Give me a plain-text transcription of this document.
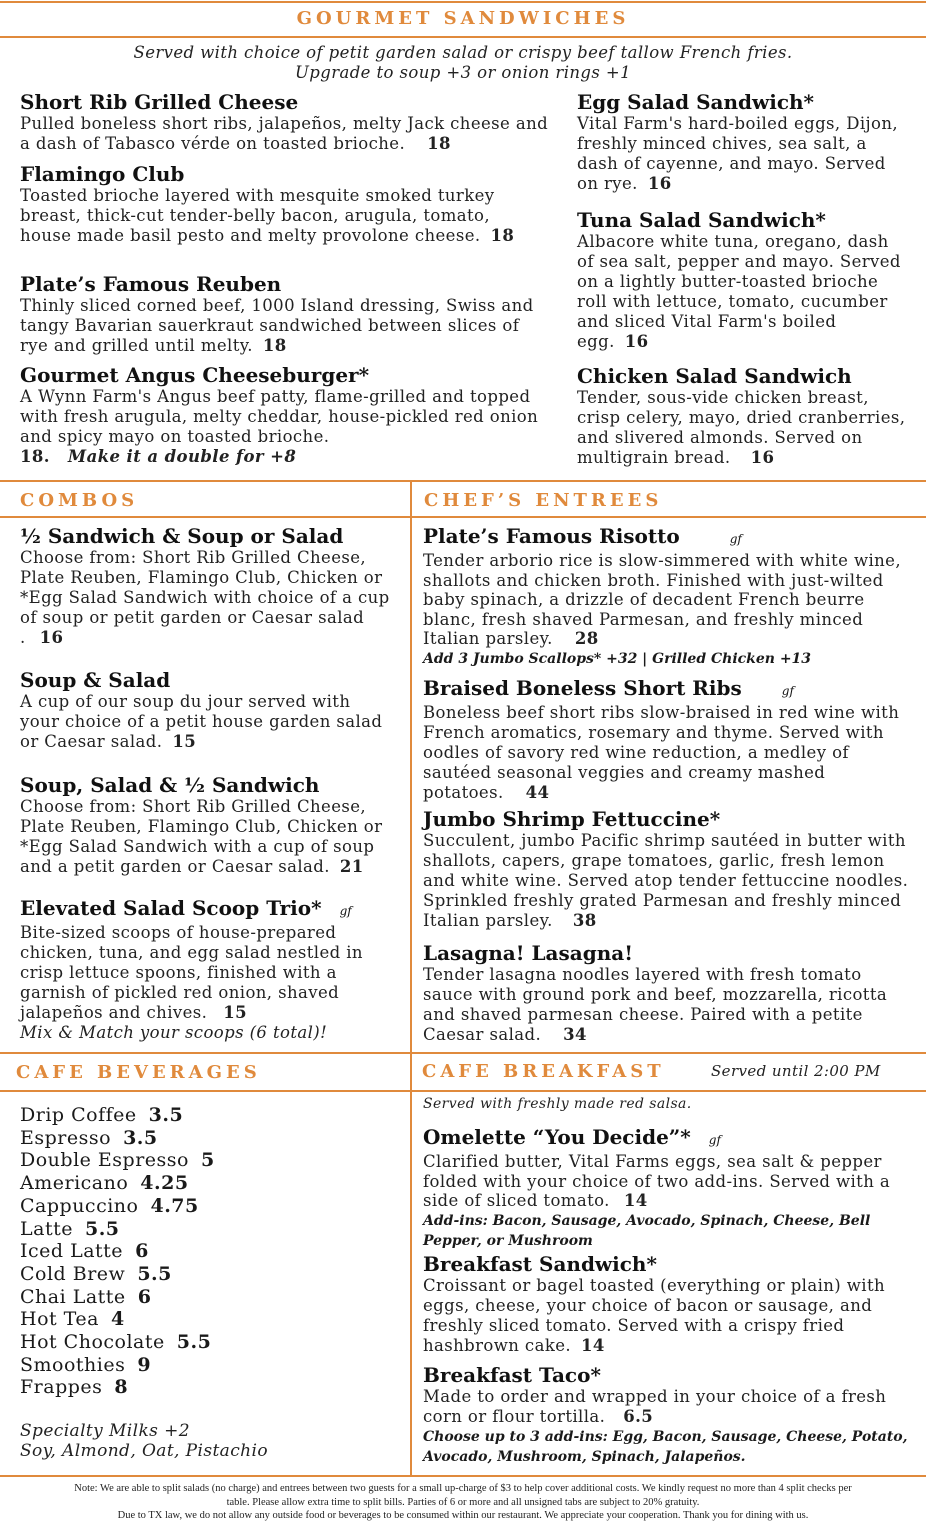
GOURMET SANDWICHES
Served with choice of petit garden salad or crispy beef tallow French fries.
Upgrade to soup +3 or onion rings +1
Short Rib Grilled Cheese
Pulled boneless short ribs, jalapeños, melty Jack cheese and a dash of Tabasco vérde on toasted brioche. 18
Flamingo Club
Toasted brioche layered with mesquite smoked turkey breast, thick-cut tender-belly bacon, arugula, tomato, house made basil pesto and melty provolone cheese. 18
Plate’s Famous Reuben
Thinly sliced corned beef, 1000 Island dressing, Swiss and tangy Bavarian sauerkraut sandwiched between slices of rye and grilled until melty. 18
Gourmet Angus Cheeseburger*
A Wynn Farm's Angus beef patty, flame-grilled and topped with fresh arugula, melty cheddar, house-pickled red onion and spicy mayo on toasted brioche.
18. Make it a double for +8
Egg Salad Sandwich*
Vital Farm's hard-boiled eggs, Dijon, freshly minced chives, sea salt, a dash of cayenne, and mayo. Served on rye. 16
Tuna Salad Sandwich*
Albacore white tuna, oregano, dash of sea salt, pepper and mayo. Served on a lightly butter-toasted brioche roll with lettuce, tomato, cucumber and sliced Vital Farm's boiled egg. 16
Chicken Salad Sandwich
Tender, sous-vide chicken breast, crisp celery, mayo, dried cranberries, and slivered almonds. Served on multigrain bread. 16
COMBOS
½ Sandwich & Soup or Salad
Choose from: Short Rib Grilled Cheese, Plate Reuben, Flamingo Club, Chicken or *Egg Salad Sandwich with choice of a cup of soup or petit garden or Caesar salad . 16
Soup & Salad
A cup of our soup du jour served with your choice of a petit house garden salad or Caesar salad. 15
Soup, Salad & ½ Sandwich
Choose from: Short Rib Grilled Cheese, Plate Reuben, Flamingo Club, Chicken or *Egg Salad Sandwich with a cup of soup and a petit garden or Caesar salad. 21
Elevated Salad Scoop Trio* gf
Bite-sized scoops of house-prepared chicken, tuna, and egg salad nestled in crisp lettuce spoons, finished with a garnish of pickled red onion, shaved jalapeños and chives. 15
Mix & Match your scoops (6 total)!
CHEF’S ENTREES
Plate’s Famous Risotto	gf
Tender arborio rice is slow-simmered with white wine, shallots and chicken broth. Finished with just-wilted baby spinach, a drizzle of decadent French beurre blanc, fresh shaved Parmesan, and freshly minced Italian parsley. 28
Add 3 Jumbo Scallops* +32 | Grilled Chicken +13
Braised Boneless Short Ribs	gf
Boneless beef short ribs slow-braised in red wine with French aromatics, rosemary and thyme. Served with oodles of savory red wine reduction, a medley of sautéed seasonal veggies and creamy mashed potatoes. 44
Jumbo Shrimp Fettuccine*
Succulent, jumbo Pacific shrimp sautéed in butter with shallots, capers, grape tomatoes, garlic, fresh lemon and white wine. Served atop tender fettuccine noodles. Sprinkled freshly grated Parmesan and freshly minced Italian parsley. 38
Lasagna! Lasagna!
Tender lasagna noodles layered with fresh tomato sauce with ground pork and beef, mozzarella, ricotta and shaved parmesan cheese. Paired with a petite Caesar salad. 34
CAFE BEVERAGES
Drip Coffee 3.5
Espresso 3.5
Double Espresso 5
Americano 4.25
Cappuccino 4.75
Latte 5.5
Iced Latte 6
Cold Brew 5.5
Chai Latte 6
Hot Tea 4
Hot Chocolate 5.5
Smoothies 9
Frappes 8
Specialty Milks +2
Soy, Almond, Oat, Pistachio
CAFE BREAKFAST	Served until 2:00 PM
Served with freshly made red salsa.
Omelette “You Decide”* gf
Clarified butter, Vital Farms eggs, sea salt & pepper folded with your choice of two add-ins. Served with a side of sliced tomato. 14
Add-ins: Bacon, Sausage, Avocado, Spinach, Cheese, Bell Pepper, or Mushroom
Breakfast Sandwich*
Croissant or bagel toasted (everything or plain) with eggs, cheese, your choice of bacon or sausage, and freshly sliced tomato. Served with a crispy fried hashbrown cake. 14
Breakfast Taco*
Made to order and wrapped in your choice of a fresh corn or flour tortilla. 6.5
Choose up to 3 add-ins: Egg, Bacon, Sausage, Cheese, Potato, Avocado, Mushroom, Spinach, Jalapeños.
Note: We are able to split salads (no charge) and entrees between two guests for a small up-charge of $3 to help cover additional costs. We kindly request no more than 4 split checks per
table. Please allow extra time to split bills. Parties of 6 or more and all unsigned tabs are subject to 20% gratuity.
Due to TX law, we do not allow any outside food or beverages to be consumed within our restaurant. We appreciate your cooperation. Thank you for dining with us.
